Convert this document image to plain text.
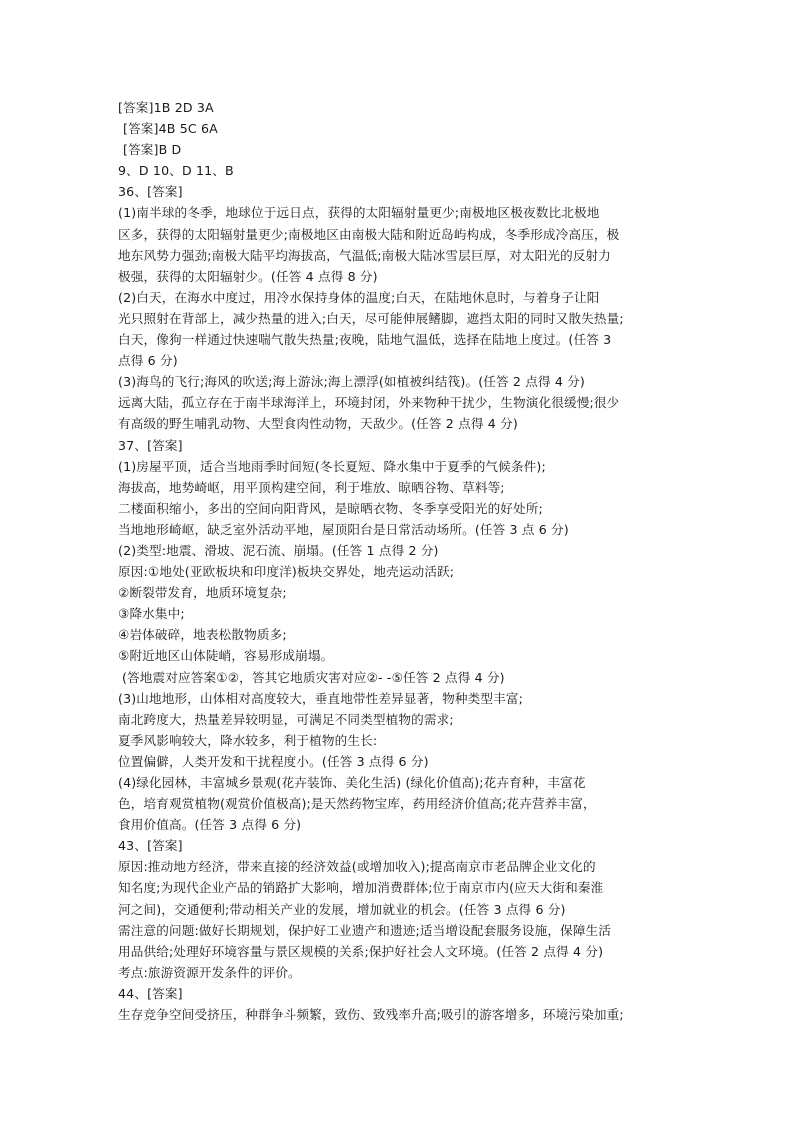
[答案]1B 2D 3A
[答案]4B 5C 6A
[答案]B D
9、D 10、D 11、B
36、[答案]
(1)南半球的冬季，地球位于远日点，获得的太阳辐射量更少;南极地区极夜数比北极地
区多，获得的太阳辐射量更少;南极地区由南极大陆和附近岛屿构成，冬季形成冷高压，极
地东风势力强劲;南极大陆平均海拔高，气温低;南极大陆冰雪层巨厚，对太阳光的反射力
极强，获得的太阳辐射少。(任答 4 点得 8 分)
(2)白天，在海水中度过，用冷水保持身体的温度;白天，在陆地休息时，与着身子让阳
光只照射在背部上，减少热量的进入;白天，尽可能伸展鳍脚，遮挡太阳的同时又散失热量;
白天，像狗一样通过快速喘气散失热量;夜晚，陆地气温低，选择在陆地上度过。(任答 3
点得 6 分)
(3)海鸟的飞行;海风的吹送;海上游泳;海上漂浮(如植被纠结筏)。(任答 2 点得 4 分)
远离大陆，孤立存在于南半球海洋上，环境封闭，外来物种干扰少，生物演化很缓慢;很少
有高级的野生哺乳动物、大型食肉性动物，天敌少。(任答 2 点得 4 分)
37、[答案]
(1)房屋平顶，适合当地雨季时间短(冬长夏短、降水集中于夏季的气候条件);
海拔高，地势崎岖，用平顶构建空间，利于堆放、晾晒谷物、草料等;
二楼面积缩小，多出的空间向阳背风，是晾晒衣物、冬季享受阳光的好处所;
当地地形崎岖，缺乏室外活动平地，屋顶阳台是日常活动场所。(任答 3 点 6 分)
(2)类型:地震、滑坡、泥石流、崩塌。(任答 1 点得 2 分)
原因:①地处(亚欧板块和印度洋)板块交界处，地壳运动活跃;
②断裂带发育，地质环境复杂;
③降水集中;
④岩体破碎，地表松散物质多;
⑤附近地区山体陡峭，容易形成崩塌。
(答地震对应答案①②，答其它地质灾害对应②- -⑤任答 2 点得 4 分)
(3)山地地形，山体相对高度较大，垂直地带性差异显著，物种类型丰富;
南北跨度大，热量差异较明显，可满足不同类型植物的需求;
夏季风影响较大，降水较多，利于植物的生长:
位置偏僻，人类开发和干扰程度小。(任答 3 点得 6 分)
(4)绿化园林，丰富城乡景观(花卉装饰、美化生活) (绿化价值高);花卉育种，丰富花
色，培育观赏植物(观赏价值极高);是天然药物宝库，药用经济价值高;花卉营养丰富，
食用价值高。(任答 3 点得 6 分)
43、[答案]
原因:推动地方经济，带来直接的经济效益(或增加收入);提高南京市老品牌企业文化的
知名度;为现代企业产品的销路扩大影响，增加消费群体;位于南京市内(应天大街和秦淮
河之间)，交通便利;带动相关产业的发展，增加就业的机会。(任答 3 点得 6 分)
需注意的问题:做好长期规划，保护好工业遗产和遗迹;适当增设配套服务设施，保障生活
用品供给;处理好环境容量与景区规模的关系;保护好社会人文环境。(任答 2 点得 4 分)
考点:旅游资源开发条件的评价。
44、[答案]
生存竞争空间受挤压，种群争斗频繁，致伤、致残率升高;吸引的游客增多，环境污染加重;
